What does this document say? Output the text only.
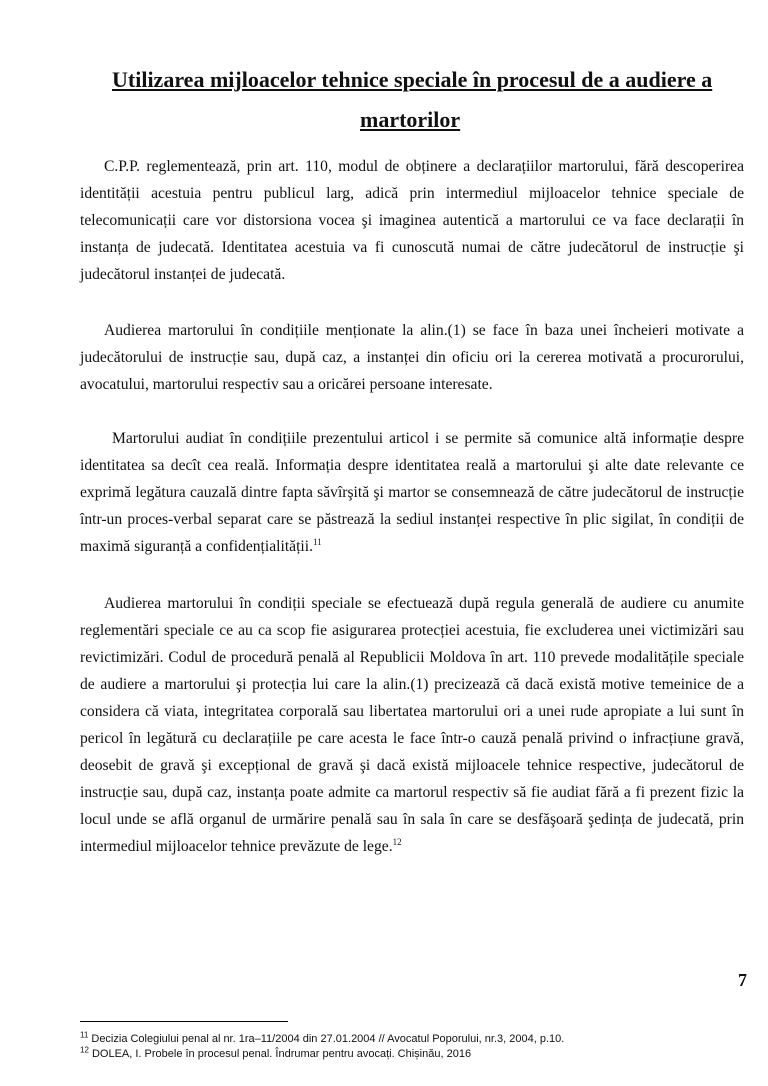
Utilizarea mijloacelor tehnice speciale în procesul de a audiere a
martorilor

C.P.P. reglementează, prin art. 110, modul de obținere a declarațiilor martorului, fără descoperirea identității acestuia pentru publicul larg, adică prin intermediul mijloacelor tehnice speciale de telecomunicații care vor distorsiona vocea şi imaginea autentică a martorului ce va face declarații în instanța de judecată. Identitatea acestuia va fi cunoscută numai de către judecătorul de instrucție şi judecătorul instanței de judecată.

Audierea martorului în condițiile menționate la alin.(1) se face în baza unei încheieri motivate a judecătorului de instrucție sau, după caz, a instanței din oficiu ori la cererea motivată a procurorului, avocatului, martorului respectiv sau a oricărei persoane interesate.

Martorului audiat în condițiile prezentului articol i se permite să comunice altă informație despre identitatea sa decît cea reală. Informația despre identitatea reală a martorului şi alte date relevante ce exprimă legătura cauzală dintre fapta săvîrşită şi martor se consemnează de către judecătorul de instrucție într-un proces-verbal separat care se păstrează la sediul instanței respective în plic sigilat, în condiții de maximă siguranță a confidențialității.$^{11}$

Audierea martorului în condiții speciale se efectuează după regula generală de audiere cu anumite reglementări speciale ce au ca scop fie asigurarea protecției acestuia, fie excluderea unei victimizări sau revictimizări. Codul de procedură penală al Republicii Moldova în art. 110 prevede modalitățile speciale de audiere a martorului şi protecția lui care la alin.(1) precizează că dacă există motive temeinice de a considera că viata, integritatea corporală sau libertatea martorului ori a unei rude apropiate a lui sunt în pericol în legătură cu declarațiile pe care acesta le face într-o cauză penală privind o infracțiune gravă, deosebit de gravă şi excepțional de gravă şi dacă există mijloacele tehnice respective, judecătorul de instrucție sau, după caz, instanța poate admite ca martorul respectiv să fie audiat fără a fi prezent fizic la locul unde se află organul de urmărire penală sau în sala în care se desfăşoară şedința de judecată, prin intermediul mijloacelor tehnice prevăzute de lege.$^{12}$

7
$^{11}$ Decizia Colegiului penal al nr. 1ra–11/2004 din 27.01.2004 // Avocatul Poporului, nr.3, 2004, p.10.
$^{12}$ DOLEA, I. Probele în procesul penal. Îndrumar pentru avocați. Chișinău, 2016
